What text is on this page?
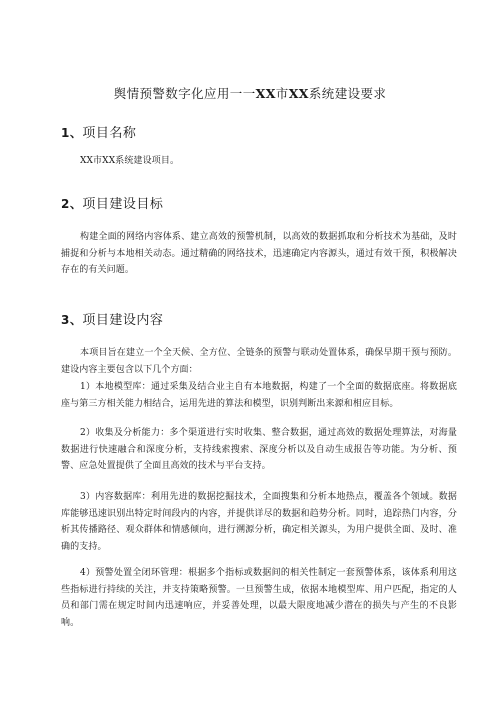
舆情预警数字化应用一一XX市XX系统建设要求
1、项目名称

XX市XX系统建设项目。

2、项目建设目标

构建全面的网络内容体系、建立高效的预警机制，以高效的数据抓取和分析技术为基础，及时捕捉和分析与本地相关动态。通过精确的网络技术，迅速确定内容源头，通过有效干预，积极解决存在的有关问题。

3、项目建设内容

本项目旨在建立一个全天候、全方位、全链条的预警与联动处置体系，确保早期干预与预防。建设内容主要包含以下几个方面：

1）本地模型库：通过采集及结合业主自有本地数据，构建了一个全面的数据底座。将数据底座与第三方相关能力相结合，运用先进的算法和模型，识别判断出来源和相应目标。

2）收集及分析能力：多个渠道进行实时收集、整合数据，通过高效的数据处理算法，对海量数据进行快速融合和深度分析，支持线索搜索、深度分析以及自动生成报告等功能。为分析、预警、应急处置提供了全面且高效的技术与平台支持。

3）内容数据库：利用先进的数据挖掘技术，全面搜集和分析本地热点，覆盖各个领域。数据库能够迅速识别出特定时间段内的内容，并提供详尽的数据和趋势分析。同时，追踪热门内容，分析其传播路径、观众群体和情感倾向，进行溯源分析，确定相关源头，为用户提供全面、及时、准确的支持。

4）预警处置全闭环管理：根据多个指标或数据间的相关性制定一套预警体系，该体系利用这些指标进行持续的关注，并支持策略预警。一旦预警生成，依据本地模型库、用户匹配，指定的人员和部门需在规定时间内迅速响应，并妥善处理，以最大限度地减少潜在的损失与产生的不良影响。
